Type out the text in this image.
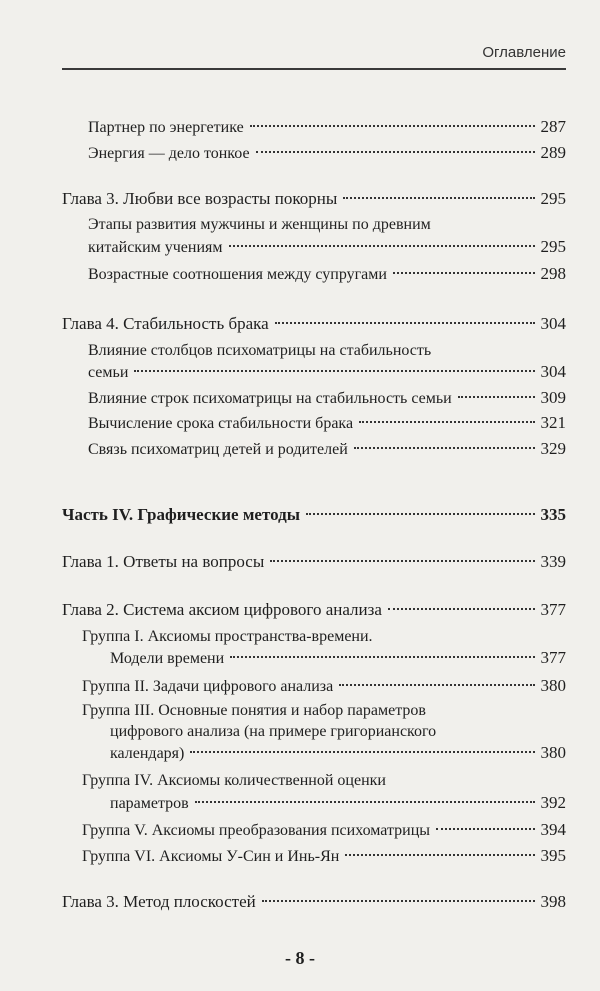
Оглавление
Партнер по энергетике	287
Энергия — дело тонкое	289
Глава 3. Любви все возрасты покорны	295
Этапы развития мужчины и женщины по древним
китайским учениям	295
Возрастные соотношения между супругами	298
Глава 4. Стабильность брака	304
Влияние столбцов психоматрицы на стабильность
семьи	304
Влияние строк психоматрицы на стабильность семьи	309
Вычисление срока стабильности брака	321
Связь психоматриц детей и родителей	329
Часть IV. Графические методы	335
Глава 1. Ответы на вопросы	339
Глава 2. Система аксиом цифрового анализа	377
Группа I. Аксиомы пространства-времени.
Модели времени	377
Группа II. Задачи цифрового анализа	380
Группа III. Основные понятия и набор параметров
цифрового анализа (на примере григорианского
календаря)	380
Группа IV. Аксиомы количественной оценки
параметров	392
Группа V. Аксиомы преобразования психоматрицы	394
Группа VI. Аксиомы У-Син и Инь-Ян	395
Глава 3. Метод плоскостей	398
- 8 -
